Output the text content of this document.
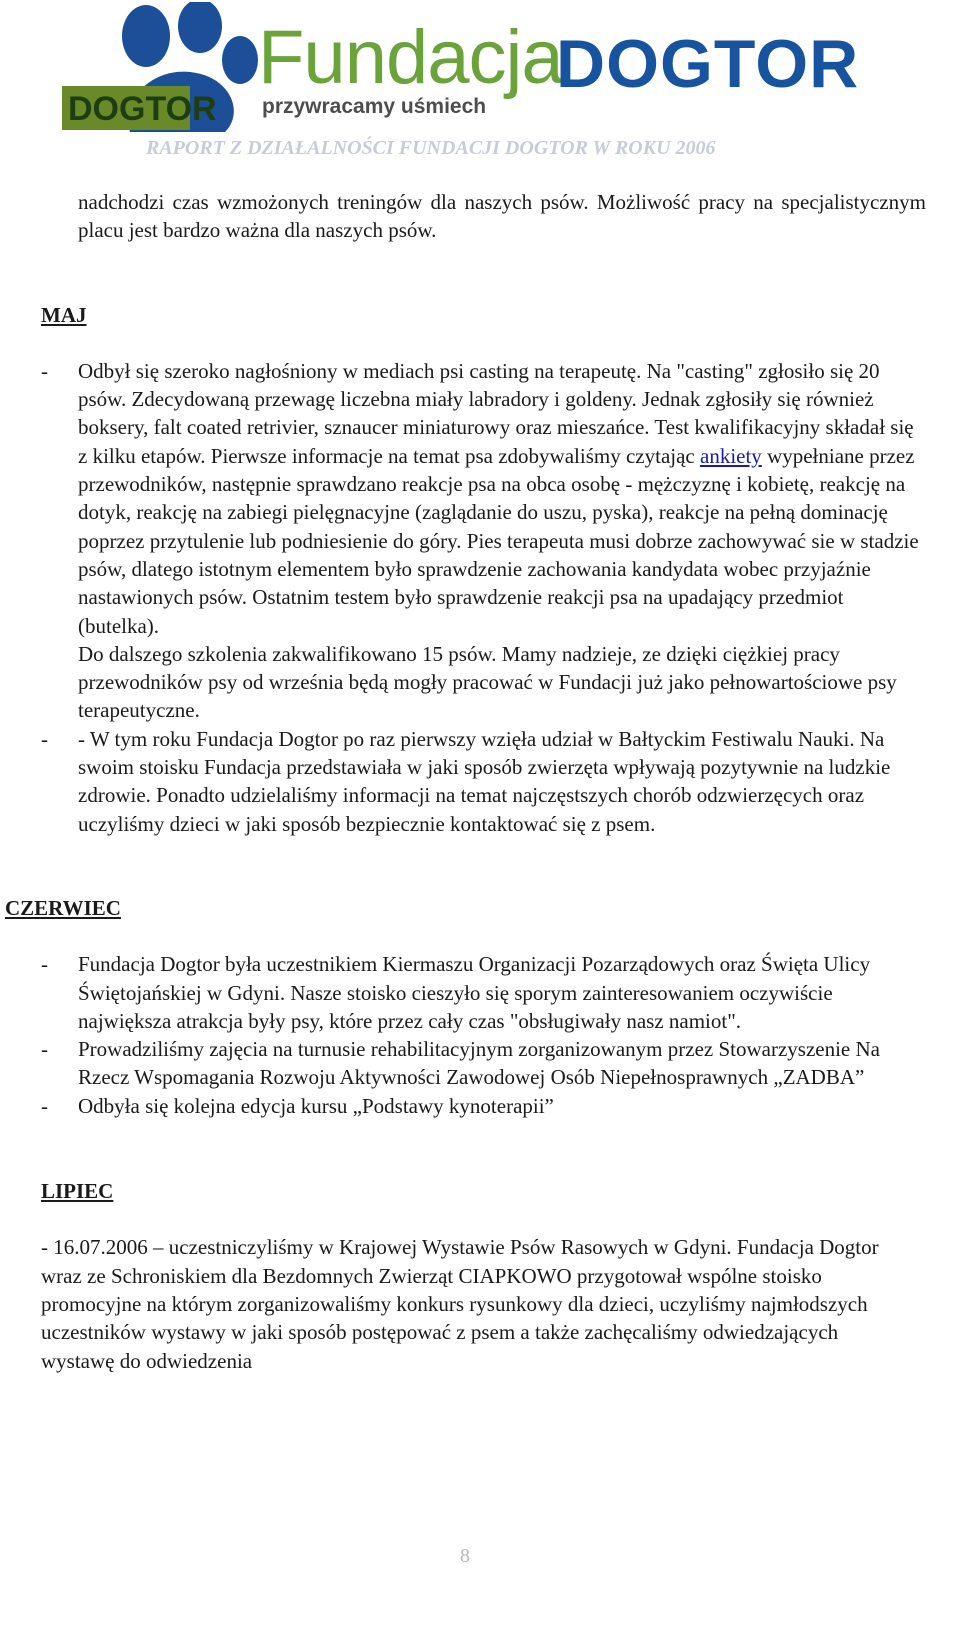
DOGTOR
Fundacja
DOGTOR
przywracamy uśmiech
RAPORT Z DZIAŁALNOŚCI FUNDACJI DOGTOR W ROKU 2006

nadchodzi czas wzmożonych treningów dla naszych psów. Możliwość pracy na specjalistycznym placu jest bardzo ważna dla naszych psów.

MAJ

- Odbył się szeroko nagłośniony w mediach psi casting na terapeutę. Na "casting" zgłosiło się 20 psów. Zdecydowaną przewagę liczebna miały labradory i goldeny. Jednak zgłosiły się również boksery, falt coated retrivier, sznaucer miniaturowy oraz mieszańce. Test kwalifikacyjny składał się z kilku etapów. Pierwsze informacje na temat psa zdobywaliśmy czytając ankiety wypełniane przez przewodników, następnie sprawdzano reakcje psa na obca osobę - mężczyznę i kobietę, reakcję na dotyk, reakcję na zabiegi pielęgnacyjne (zaglądanie do uszu, pyska), reakcje na pełną dominację poprzez przytulenie lub podniesienie do góry. Pies terapeuta musi dobrze zachowywać sie w stadzie psów, dlatego istotnym elementem było sprawdzenie zachowania kandydata wobec przyjaźnie nastawionych psów. Ostatnim testem było sprawdzenie reakcji psa na upadający przedmiot (butelka).
Do dalszego szkolenia zakwalifikowano 15 psów. Mamy nadzieje, ze dzięki ciężkiej pracy przewodników psy od września będą mogły pracować w Fundacji już jako pełnowartościowe psy terapeutyczne.
- - W tym roku Fundacja Dogtor po raz pierwszy wzięła udział w Bałtyckim Festiwalu Nauki. Na swoim stoisku Fundacja przedstawiała w jaki sposób zwierzęta wpływają pozytywnie na ludzkie zdrowie. Ponadto udzielaliśmy informacji na temat najczęstszych chorób odzwierzęcych oraz uczyliśmy dzieci w jaki sposób bezpiecznie kontaktować się z psem.

CZERWIEC

- Fundacja Dogtor była uczestnikiem Kiermaszu Organizacji Pozarządowych oraz Święta Ulicy Świętojańskiej w Gdyni. Nasze stoisko cieszyło się sporym zainteresowaniem oczywiście największa atrakcja były psy, które przez cały czas "obsługiwały nasz namiot".
- Prowadziliśmy zajęcia na turnusie rehabilitacyjnym zorganizowanym przez Stowarzyszenie Na Rzecz Wspomagania Rozwoju Aktywności Zawodowej Osób Niepełnosprawnych „ZADBA”
- Odbyła się kolejna edycja kursu „Podstawy kynoterapii”

LIPIEC

- 16.07.2006 – uczestniczyliśmy w Krajowej Wystawie Psów Rasowych w Gdyni. Fundacja Dogtor wraz ze Schroniskiem dla Bezdomnych Zwierząt CIAPKOWO przygotował wspólne stoisko promocyjne na którym zorganizowaliśmy konkurs rysunkowy dla dzieci, uczyliśmy najmłodszych uczestników wystawy w jaki sposób postępować z psem a także zachęcaliśmy odwiedzających wystawę do odwiedzenia

8
